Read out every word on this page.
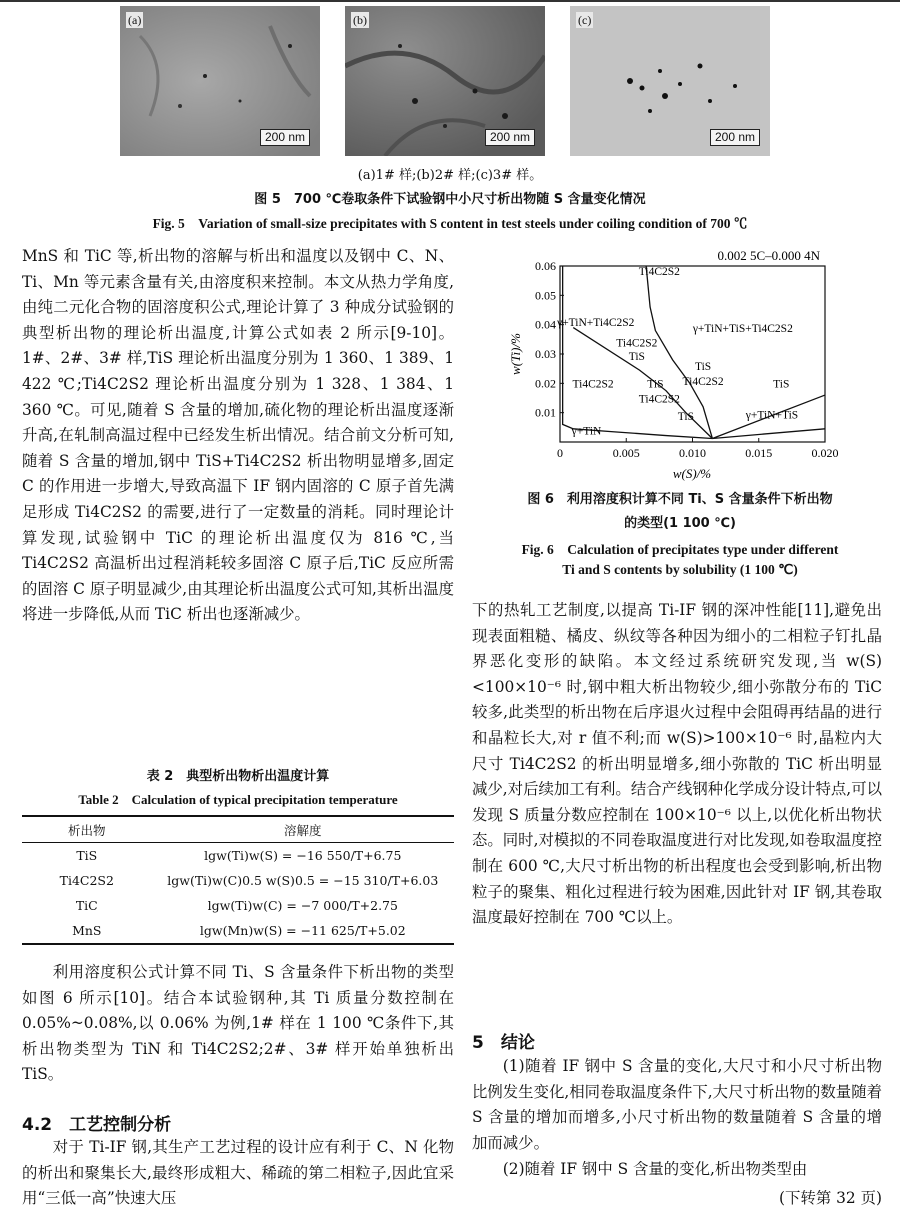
(a)
200 nm
(b)
200 nm
(c)
200 nm
(a)1# 样;(b)2# 样;(c)3# 样。
图 5　700 ℃卷取条件下试验钢中小尺寸析出物随 S 含量变化情况
Fig. 5　Variation of small-size precipitates with S content in test steels under coiling condition of 700 ℃
MnS 和 TiC 等,析出物的溶解与析出和温度以及钢中 C、N、Ti、Mn 等元素含量有关,由溶度积来控制。本文从热力学角度,由纯二元化合物的固溶度积公式,理论计算了 3 种成分试验钢的典型析出物的理论析出温度,计算公式如表 2 所示[9-10]。1#、2#、3# 样,TiS 理论析出温度分别为 1 360、1 389、1 422 ℃;Ti4C2S2 理论析出温度分别为 1 328、1 384、1 360 ℃。可见,随着 S 含量的增加,硫化物的理论析出温度逐渐升高,在轧制高温过程中已经发生析出情况。结合前文分析可知,随着 S 含量的增加,钢中 TiS+Ti4C2S2 析出物明显增多,固定 C 的作用进一步增大,导致高温下 IF 钢内固溶的 C 原子首先满足形成 Ti4C2S2 的需要,进行了一定数量的消耗。同时理论计算发现,试验钢中 TiC 的理论析出温度仅为 816 ℃,当 Ti4C2S2 高温析出过程消耗较多固溶 C 原子后,TiC 反应所需的固溶 C 原子明显减少,由其理论析出温度公式可知,其析出温度将进一步降低,从而 TiC 析出也逐渐减少。
表 2　典型析出物析出温度计算
Table 2　Calculation of typical precipitation temperature
析出物	溶解度
TiS	lgw(Ti)w(S) = −16 550/T+6.75
Ti4C2S2	lgw(Ti)w(C)0.5 w(S)0.5 = −15 310/T+6.03
TiC	lgw(Ti)w(C) = −7 000/T+2.75
MnS	lgw(Mn)w(S) = −11 625/T+5.02
利用溶度积公式计算不同 Ti、S 含量条件下析出物的类型如图 6 所示[10]。结合本试验钢种,其 Ti 质量分数控制在 0.05%~0.08%,以 0.06% 为例,1# 样在 1 100 ℃条件下,其析出物类型为 TiN 和 Ti4C2S2;2#、3# 样开始单独析出 TiS。
4.2　工艺控制分析
对于 Ti-IF 钢,其生产工艺过程的设计应有利于 C、N 化物的析出和聚集长大,最终形成粗大、稀疏的第二相粒子,因此宜采用“三低一高”快速大压
0.002 5C–0.000 4N
0	0.005	0.010	0.015	0.020
0.01
0.02
0.03
0.04
0.05
0.06	Ti4C2S2
γ+TiN+Ti4C2S2	γ+TiN+TiS+Ti4C2S2
Ti4C2S2
TiS
TiS
Ti4C2S2
Ti4C2S2	TiS
Ti4C2S2
TiS
TiS
γ+TiN+TiS
γ+TiN
w(S)/%
w(Ti)/%
图 6　利用溶度积计算不同 Ti、S 含量条件下析出物
的类型(1 100 ℃)
Fig. 6　Calculation of precipitates type under different
Ti and S contents by solubility (1 100 ℃)
下的热轧工艺制度,以提高 Ti-IF 钢的深冲性能[11],避免出现表面粗糙、橘皮、纵纹等各种因为细小的二相粒子钉扎晶界恶化变形的缺陷。本文经过系统研究发现,当 w(S)<100×10⁻⁶ 时,钢中粗大析出物较少,细小弥散分布的 TiC 较多,此类型的析出物在后序退火过程中会阻碍再结晶的进行和晶粒长大,对 r 值不利;而 w(S)>100×10⁻⁶ 时,晶粒内大尺寸 Ti4C2S2 的析出明显增多,细小弥散的 TiC 析出明显减少,对后续加工有利。结合产线钢种化学成分设计特点,可以发现 S 质量分数应控制在 100×10⁻⁶ 以上,以优化析出物状态。同时,对模拟的不同卷取温度进行对比发现,如卷取温度控制在 600 ℃,大尺寸析出物的析出程度也会受到影响,析出物粒子的聚集、粗化过程进行较为困难,因此针对 IF 钢,其卷取温度最好控制在 700 ℃以上。
5　结论
(1)随着 IF 钢中 S 含量的变化,大尺寸和小尺寸析出物比例发生变化,相同卷取温度条件下,大尺寸析出物的数量随着 S 含量的增加而增多,小尺寸析出物的数量随着 S 含量的增加而减少。
(2)随着 IF 钢中 S 含量的变化,析出物类型由
(下转第 32 页)
